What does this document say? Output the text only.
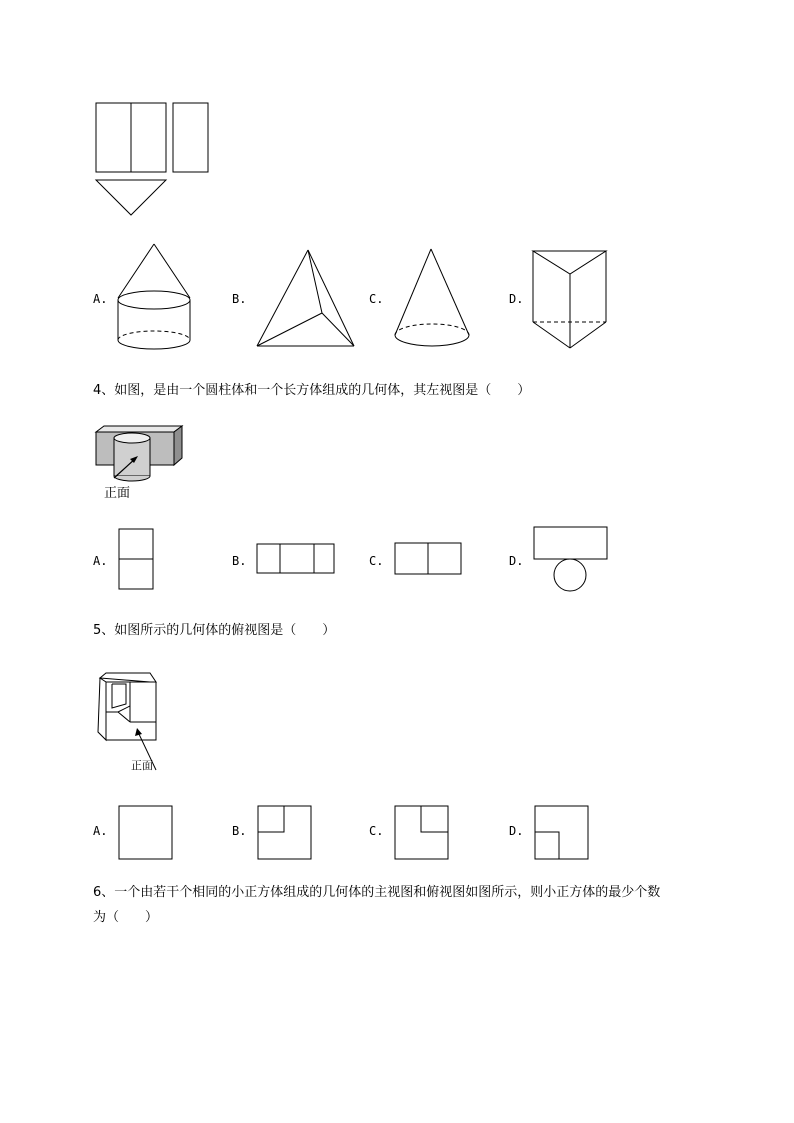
A.	B.	C.	D.
4、如图，是由一个圆柱体和一个长方体组成的几何体，其左视图是（　　）
正面
A.	B.	C.	D.
5、如图所示的几何体的俯视图是（　　）
正面
A.	B.	C.	D.
6、一个由若干个相同的小正方体组成的几何体的主视图和俯视图如图所示，则小正方体的最少个数
为（　　）
